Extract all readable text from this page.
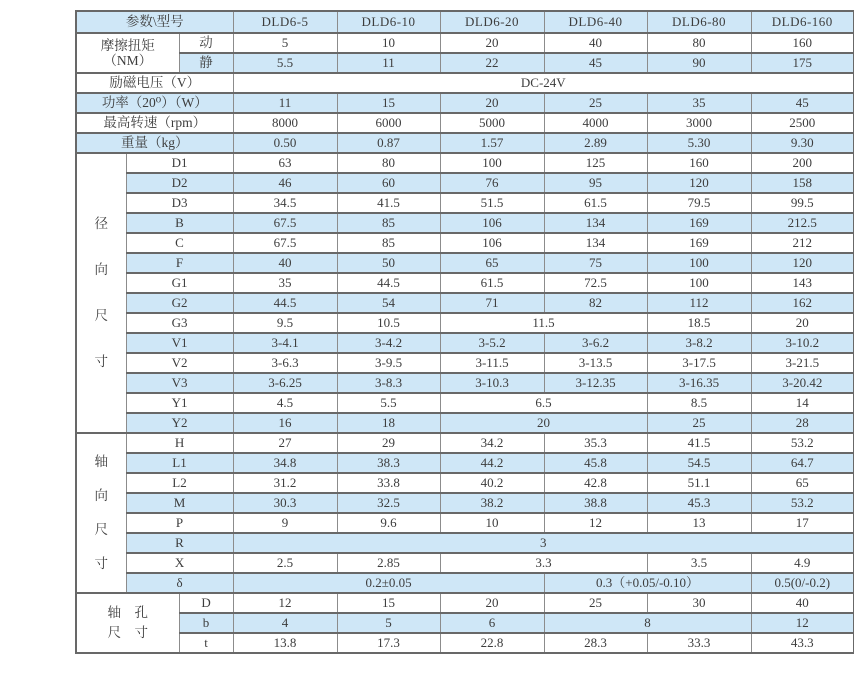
参数\型号			DLD6-5	DLD6-10	DLD6-20	DLD6-40	DLD6-80	DLD6-160

摩擦扭矩
（NM）		动	5	10	20	40	80	160
		静	5.5	11	22	45	90	175
励磁电压（V）			DC-24V					
功率（20⁰）（W）			11	15	20	25	35	45
最高转速（rpm）			8000	6000	5000	4000	3000	2500
重量（kg）			0.50	0.87	1.57	2.89	5.30	9.30

径
向
尺
寸	D1		63	80	100	125	160	200
	D2		46	60	76	95	120	158
	D3		34.5	41.5	51.5	61.5	79.5	99.5
	B		67.5	85	106	134	169	212.5
	C		67.5	85	106	134	169	212
	F		40	50	65	75	100	120
	G1		35	44.5	61.5	72.5	100	143
	G2		44.5	54	71	82	112	162
	G3		9.5	10.5	11.5		18.5	20
	V1		3-4.1	3-4.2	3-5.2	3-6.2	3-8.2	3-10.2
	V2		3-6.3	3-9.5	3-11.5	3-13.5	3-17.5	3-21.5
	V3		3-6.25	3-8.3	3-10.3	3-12.35	3-16.35	3-20.42
	Y1		4.5	5.5	6.5		8.5	14
	Y2		16	18	20		25	28

轴
向
尺
寸	H		27	29	34.2	35.3	41.5	53.2
	L1		34.8	38.3	44.2	45.8	54.5	64.7
	L2		31.2	33.8	40.2	42.8	51.1	65
	M		30.3	32.5	38.2	38.8	45.3	53.2
	P		9	9.6	10	12	13	17
	R		3					
	X		2.5	2.85	3.3		3.5	4.9
	δ		0.2±0.05			0.3（+0.05/-0.10）		0.5(0/-0.2)

轴　孔
尺　寸		D	12	15	20	25	30	40
		b	4	5	6	8		12
		t	13.8	17.3	22.8	28.3	33.3	43.3
